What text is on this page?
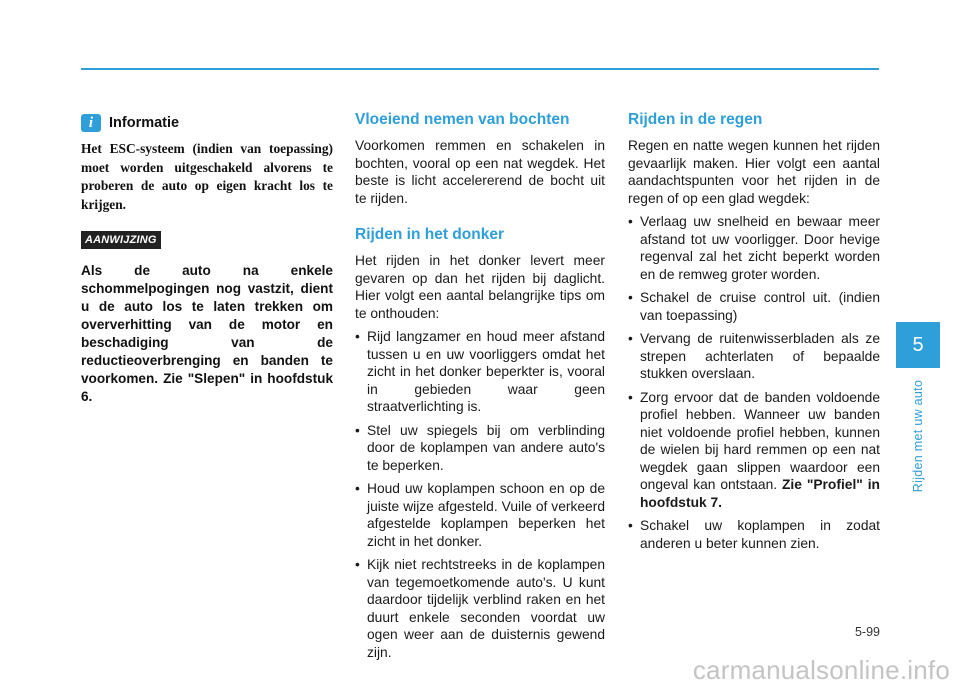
i	Informatie

Het ESC-systeem (indien van toepassing) moet worden uitgeschakeld alvorens te proberen de auto op eigen kracht los te krijgen.

AANWIJZING

Als de auto na enkele schommelpogingen nog vastzit, dient u de auto los te laten trekken om oververhitting van de motor en beschadiging van de reductieoverbrenging en banden te voorkomen. Zie "Slepen" in hoofdstuk 6.

Vloeiend nemen van bochten

Voorkomen remmen en schakelen in bochten, vooral op een nat wegdek. Het beste is licht accelererend de bocht uit te rijden.

Rijden in het donker

Het rijden in het donker levert meer gevaren op dan het rijden bij daglicht. Hier volgt een aantal belangrijke tips om te onthouden:

• Rijd langzamer en houd meer afstand tussen u en uw voorliggers omdat het zicht in het donker beperkter is, vooral in gebieden waar geen straatverlichting is.
• Stel uw spiegels bij om verblinding door de koplampen van andere auto's te beperken.
• Houd uw koplampen schoon en op de juiste wijze afgesteld. Vuile of verkeerd afgestelde koplampen beperken het zicht in het donker.
• Kijk niet rechtstreeks in de koplampen van tegemoetkomende auto's. U kunt daardoor tijdelijk verblind raken en het duurt enkele seconden voordat uw ogen weer aan de duisternis gewend zijn.
Rijden in de regen

Regen en natte wegen kunnen het rijden gevaarlijk maken. Hier volgt een aantal aandachtspunten voor het rijden in de regen of op een glad wegdek:

• Verlaag uw snelheid en bewaar meer afstand tot uw voorligger. Door hevige regenval zal het zicht beperkt worden en de remweg groter worden.
• Schakel de cruise control uit. (indien van toepassing)
• Vervang de ruitenwisserbladen als ze strepen achterlaten of bepaalde stukken overslaan.
• Zorg ervoor dat de banden voldoende profiel hebben. Wanneer uw banden niet voldoende profiel hebben, kunnen de wielen bij hard remmen op een nat wegdek gaan slippen waardoor een ongeval kan ontstaan. Zie "Profiel" in hoofdstuk 7.
• Schakel uw koplampen in zodat anderen u beter kunnen zien.
5
Rijden met uw auto
5-99
carmanualsonline.info
